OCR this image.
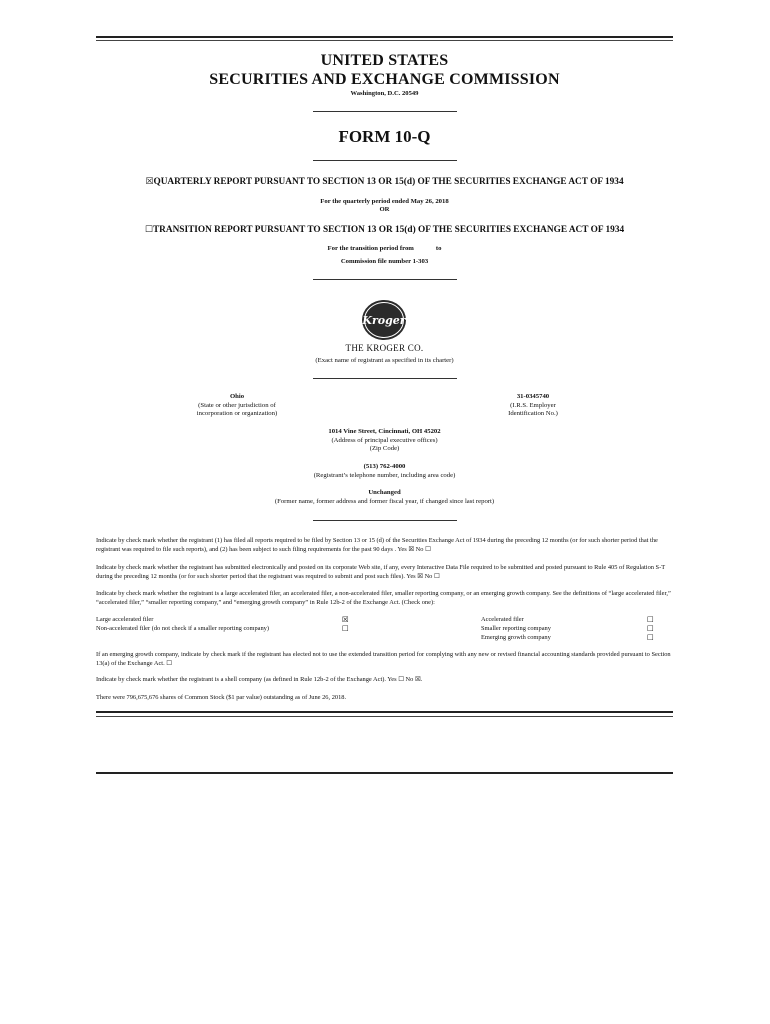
UNITED STATES
SECURITIES AND EXCHANGE COMMISSION
Washington, D.C. 20549
FORM 10-Q
☒QUARTERLY REPORT PURSUANT TO SECTION 13 OR 15(d) OF THE SECURITIES EXCHANGE ACT OF 1934
For the quarterly period ended May 26, 2018
OR
☐TRANSITION REPORT PURSUANT TO SECTION 13 OR 15(d) OF THE SECURITIES EXCHANGE ACT OF 1934
For the transition period from	to
Commission file number 1-303
Kroger
THE KROGER CO.
(Exact name of registrant as specified in its charter)
Ohio
(State or other jurisdiction of
incorporation or organization)
31-0345740
(I.R.S. Employer
Identification No.)
1014 Vine Street, Cincinnati, OH 45202
(Address of principal executive offices)
(Zip Code)
(513) 762-4000
(Registrant’s telephone number, including area code)
Unchanged
(Former name, former address and former fiscal year, if changed since last report)
Indicate by check mark whether the registrant (1) has filed all reports required to be filed by Section 13 or 15 (d) of the Securities Exchange Act of 1934 during the preceding 12 months (or for such shorter period that the registrant was required to file such reports), and (2) has been subject to such filing requirements for the past 90 days . Yes ☒ No ☐
Indicate by check mark whether the registrant has submitted electronically and posted on its corporate Web site, if any, every Interactive Data File required to be submitted and posted pursuant to Rule 405 of Regulation S-T during the preceding 12 months (or for such shorter period that the registrant was required to submit and post such files). Yes ☒ No ☐
Indicate by check mark whether the registrant is a large accelerated filer, an accelerated filer, a non-accelerated filer, smaller reporting company, or an emerging growth company. See the definitions of “large accelerated filer,” “accelerated filer,” “smaller reporting company,” and “emerging growth company” in Rule 12b-2 of the Exchange Act. (Check one):
Large accelerated filer	☒
Non-accelerated filer (do not check if a smaller reporting company)	☐
Accelerated filer	☐
Smaller reporting company	☐
Emerging growth company	☐
If an emerging growth company, indicate by check mark if the registrant has elected not to use the extended transition period for complying with any new or revised financial accounting standards provided pursuant to Section 13(a) of the Exchange Act. ☐
Indicate by check mark whether the registrant is a shell company (as defined in Rule 12b-2 of the Exchange Act). Yes ☐ No ☒.
There were 796,675,676 shares of Common Stock ($1 par value) outstanding as of June 26, 2018.
